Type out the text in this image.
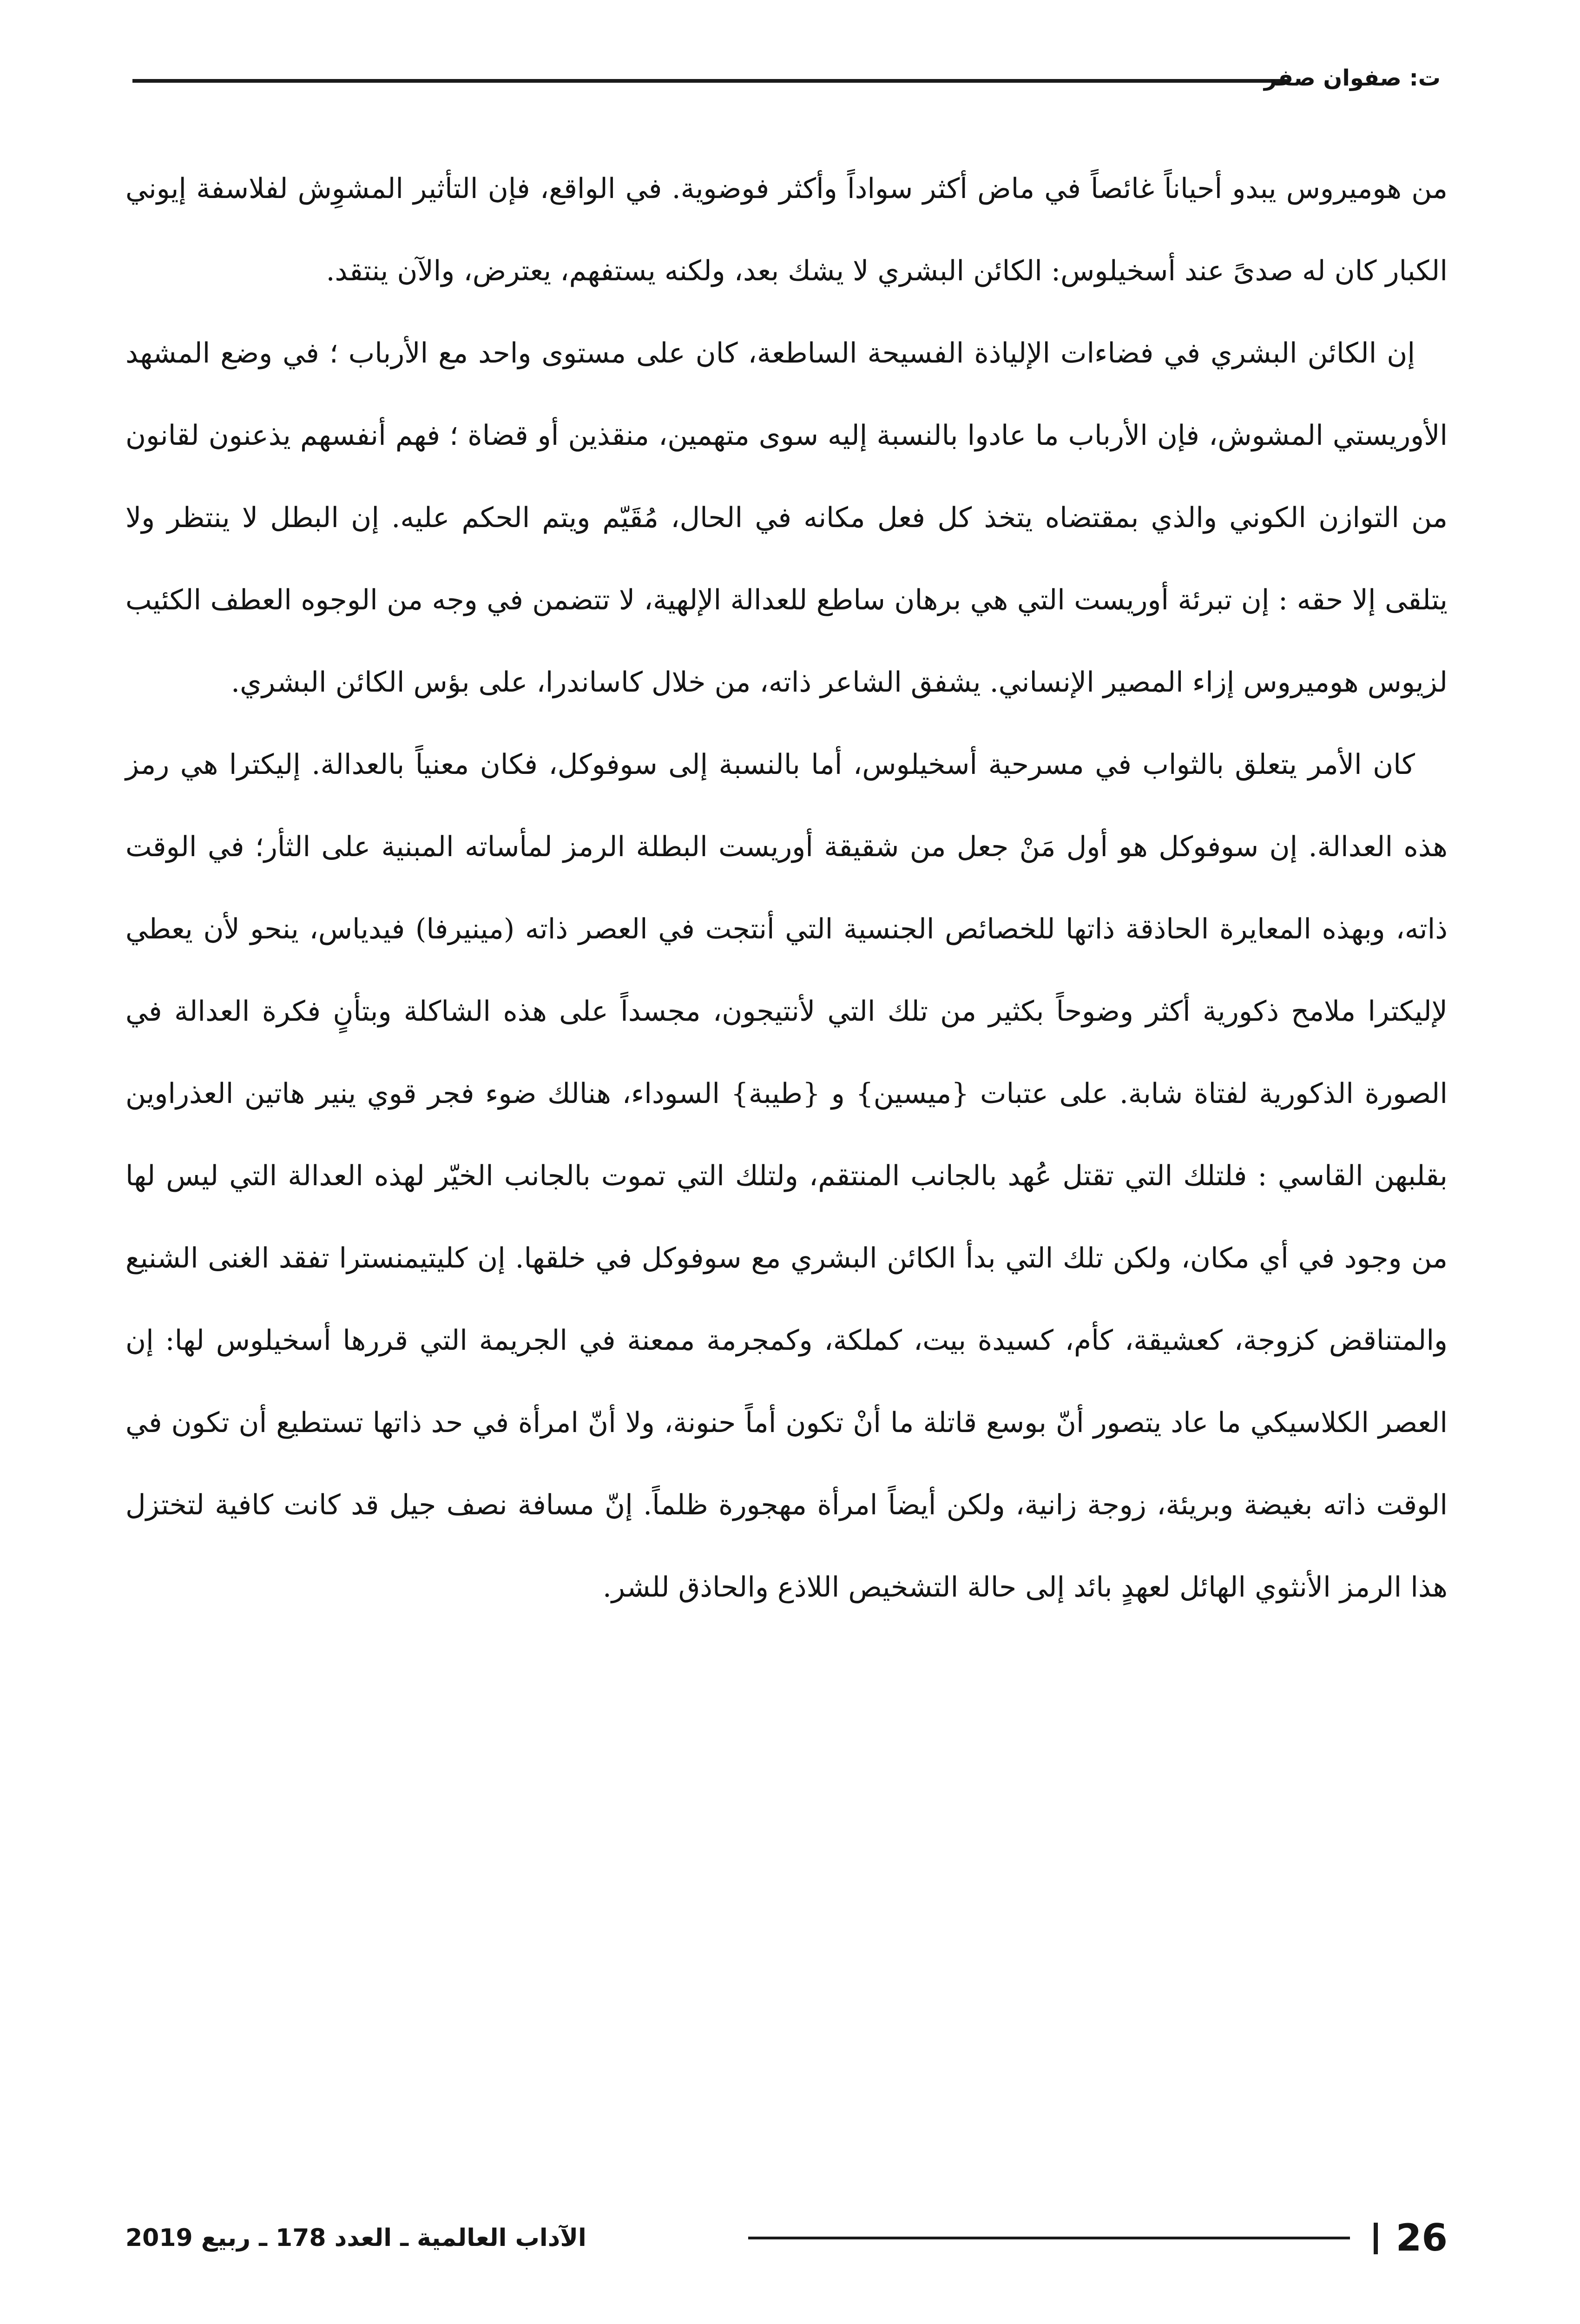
ت: صفوان صفر

من هوميروس يبدو أحياناً غائصاً في ماض أكثر سواداً وأكثر فوضوية. في الواقع، فإن التأثير المشوِش لفلاسفة إيوني الكبار كان له صدىً عند أسخيلوس: الكائن البشري لا يشك بعد، ولكنه يستفهم، يعترض، والآن ينتقد.

إن الكائن البشري في فضاءات الإلياذة الفسيحة الساطعة، كان على مستوى واحد مع الأرباب ؛ في وضع المشهد الأوريستي المشوش، فإن الأرباب ما عادوا بالنسبة إليه سوى متهمين، منقذين أو قضاة ؛ فهم أنفسهم يذعنون لقانون من التوازن الكوني والذي بمقتضاه يتخذ كل فعل مكانه في الحال، مُقَيّم ويتم الحكم عليه. إن البطل لا ينتظر ولا يتلقى إلا حقه : إن تبرئة أوريست التي هي برهان ساطع للعدالة الإلهية، لا تتضمن في وجه من الوجوه العطف الكئيب لزيوس هوميروس إزاء المصير الإنساني. يشفق الشاعر ذاته، من خلال كاساندرا، على بؤس الكائن البشري.

كان الأمر يتعلق بالثواب في مسرحية أسخيلوس، أما بالنسبة إلى سوفوكل، فكان معنياً بالعدالة. إليكترا هي رمز هذه العدالة. إن سوفوكل هو أول مَنْ جعل من شقيقة أوريست البطلة الرمز لمأساته المبنية على الثأر؛ في الوقت ذاته، وبهذه المعايرة الحاذقة ذاتها للخصائص الجنسية التي أنتجت في العصر ذاته (مينيرفا) فيدياس، ينحو لأن يعطي لإليكترا ملامح ذكورية أكثر وضوحاً بكثير من تلك التي لأنتيجون، مجسداً على هذه الشاكلة وبتأنٍ فكرة العدالة في الصورة الذكورية لفتاة شابة. على عتبات {ميسين} و {طيبة} السوداء، هنالك ضوء فجر قوي ينير هاتين العذراوين بقلبهن القاسي : فلتلك التي تقتل عُهد بالجانب المنتقم، ولتلك التي تموت بالجانب الخيّر لهذه العدالة التي ليس لها من وجود في أي مكان، ولكن تلك التي بدأ الكائن البشري مع سوفوكل في خلقها. إن كليتيمنسترا تفقد الغنى الشنيع والمتناقض كزوجة، كعشيقة، كأم، كسيدة بيت، كملكة، وكمجرمة ممعنة في الجريمة التي قررها أسخيلوس لها: إن العصر الكلاسيكي ما عاد يتصور أنّ بوسع قاتلة ما أنْ تكون أماً حنونة، ولا أنّ امرأة في حد ذاتها تستطيع أن تكون في الوقت ذاته بغيضة وبريئة، زوجة زانية، ولكن أيضاً امرأة مهجورة ظلماً. إنّ مسافة نصف جيل قد كانت كافية لتختزل هذا الرمز الأنثوي الهائل لعهدٍ بائد إلى حالة التشخيص اللاذع والحاذق للشر.

26
الآداب العالمية ـ العدد 178 ـ ربيع 2019
